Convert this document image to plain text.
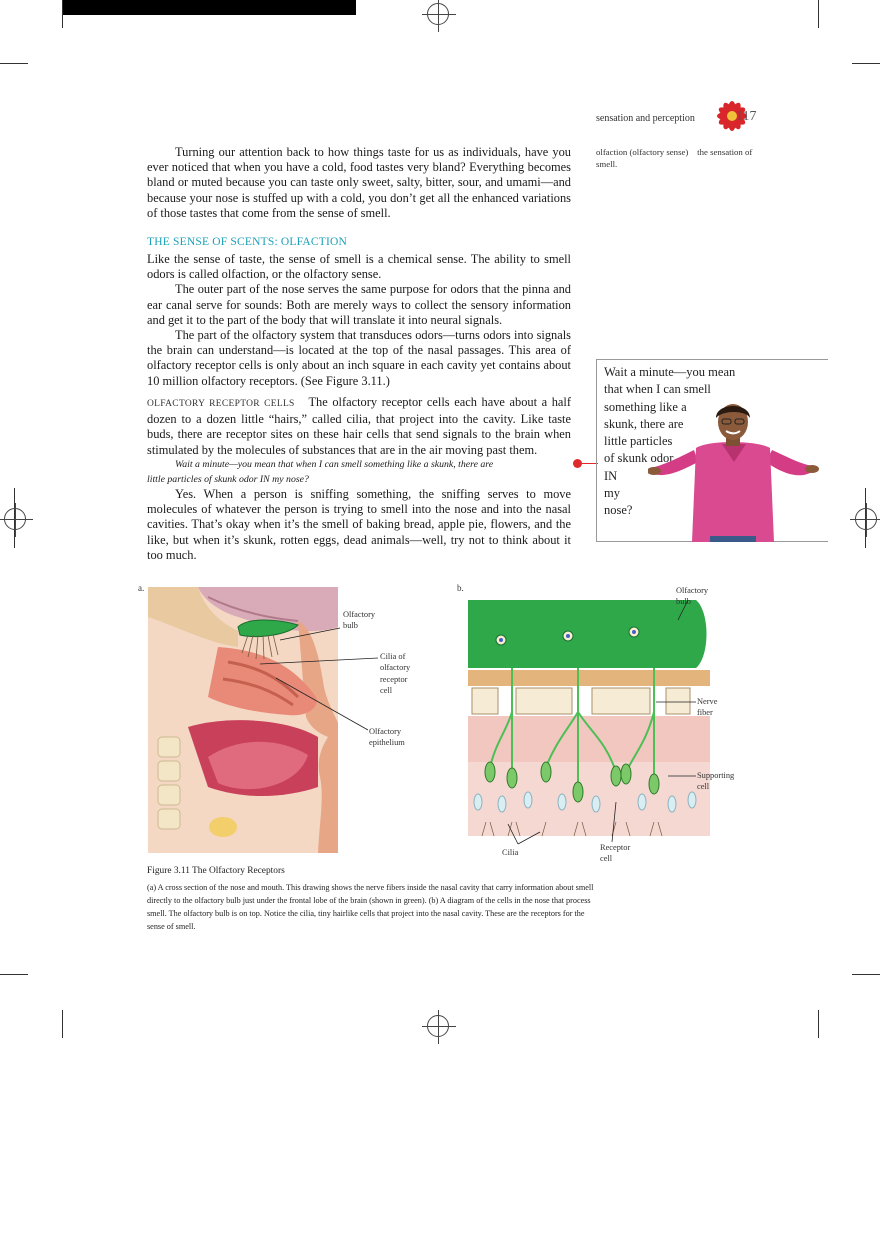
sensation and perception	117

Turning our attention back to how things taste for us as individuals, have you ever noticed that when you have a cold, food tastes very bland? Everything becomes bland or muted because you can taste only sweet, salty, bitter, sour, and umami—and because your nose is stuffed up with a cold, you don’t get all the enhanced variations of those tastes that come from the sense of smell.

THE SENSE OF SCENTS: OLFACTION

Like the sense of taste, the sense of smell is a chemical sense. The ability to smell odors is called olfaction, or the olfactory sense.

The outer part of the nose serves the same purpose for odors that the pinna and ear canal serve for sounds: Both are merely ways to collect the sensory information and get it to the part of the body that will translate it into neural signals.

The part of the olfactory system that transduces odors—turns odors into signals the brain can understand—is located at the top of the nasal passages. This area of olfactory receptor cells is only about an inch square in each cavity yet contains about 10 million olfactory receptors. (See Figure 3.11.)

OLFACTORY RECEPTOR CELLS The olfactory receptor cells each have about a half dozen to a dozen little “hairs,” called cilia, that project into the cavity. Like taste buds, there are receptor sites on these hair cells that send signals to the brain when stimulated by the molecules of substances that are in the air moving past them.

Wait a minute—you mean that when I can smell something like a skunk, there are
little particles of skunk odor IN my nose?

Yes. When a person is sniffing something, the sniffing serves to move molecules of whatever the person is trying to smell into the nose and into the nasal cavities. That’s okay when it’s the smell of baking bread, apple pie, flowers, and the like, but when it’s skunk, rotten eggs, dead animals—well, try not to think about it too much.

olfaction (olfactory sense) the sensation of smell.
Wait a minute—you mean
that when I can smell
something like a
skunk, there are
little particles
of skunk odor
IN
my
nose?
a.	b.
Olfactory
bulb
Cilia of
olfactory
receptor
cell
Olfactory
epithelium
Olfactory
bulb
Nerve
fiber
Supporting
cell
Cilia
Receptor
cell
Figure 3.11 The Olfactory Receptors
(a) A cross section of the nose and mouth. This drawing shows the nerve fibers inside the nasal cavity that carry information about smell directly to the olfactory bulb just under the frontal lobe of the brain (shown in green). (b) A diagram of the cells in the nose that process smell. The olfactory bulb is on top. Notice the cilia, tiny hairlike cells that project into the nasal cavity. These are the receptors for the sense of smell.
